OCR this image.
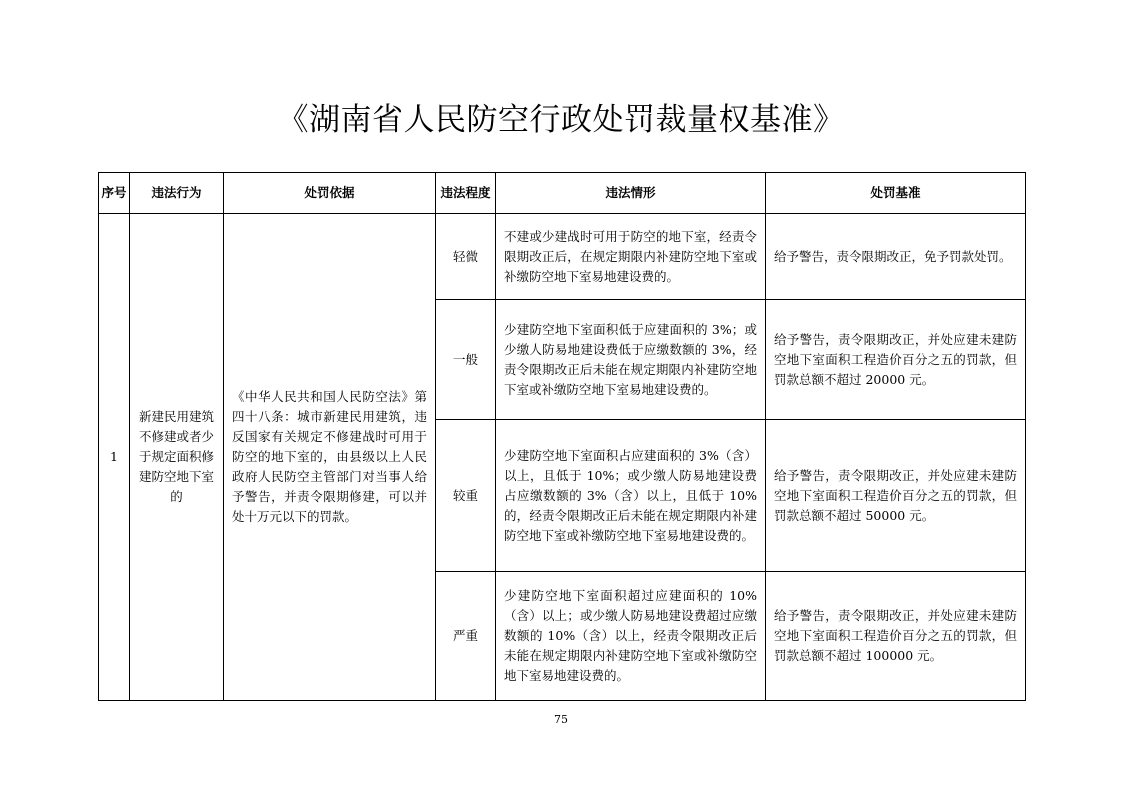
《湖南省人民防空行政处罚裁量权基准》
序号	违法行为	处罚依据	违法程度	违法情形	处罚基准
1	新建民用建筑不修建或者少于规定面积修建防空地下室的	《中华人民共和国人民防空法》第四十八条：城市新建民用建筑，违反国家有关规定不修建战时可用于防空的地下室的，由县级以上人民政府人民防空主管部门对当事人给予警告，并责令限期修建，可以并处十万元以下的罚款。	轻微	不建或少建战时可用于防空的地下室，经责令限期改正后，在规定期限内补建防空地下室或补缴防空地下室易地建设费的。	给予警告，责令限期改正，免予罚款处罚。
			一般	少建防空地下室面积低于应建面积的 3%；或少缴人防易地建设费低于应缴数额的 3%，经责令限期改正后未能在规定期限内补建防空地下室或补缴防空地下室易地建设费的。	给予警告，责令限期改正，并处应建未建防空地下室面积工程造价百分之五的罚款，但罚款总额不超过 20000 元。
			较重	少建防空地下室面积占应建面积的 3%（含）以上，且低于 10%；或少缴人防易地建设费占应缴数额的 3%（含）以上，且低于 10%的，经责令限期改正后未能在规定期限内补建防空地下室或补缴防空地下室易地建设费的。	给予警告，责令限期改正，并处应建未建防空地下室面积工程造价百分之五的罚款，但罚款总额不超过 50000 元。
			严重	少建防空地下室面积超过应建面积的 10%（含）以上；或少缴人防易地建设费超过应缴数额的 10%（含）以上，经责令限期改正后未能在规定期限内补建防空地下室或补缴防空地下室易地建设费的。	给予警告，责令限期改正，并处应建未建防空地下室面积工程造价百分之五的罚款，但罚款总额不超过 100000 元。
75
